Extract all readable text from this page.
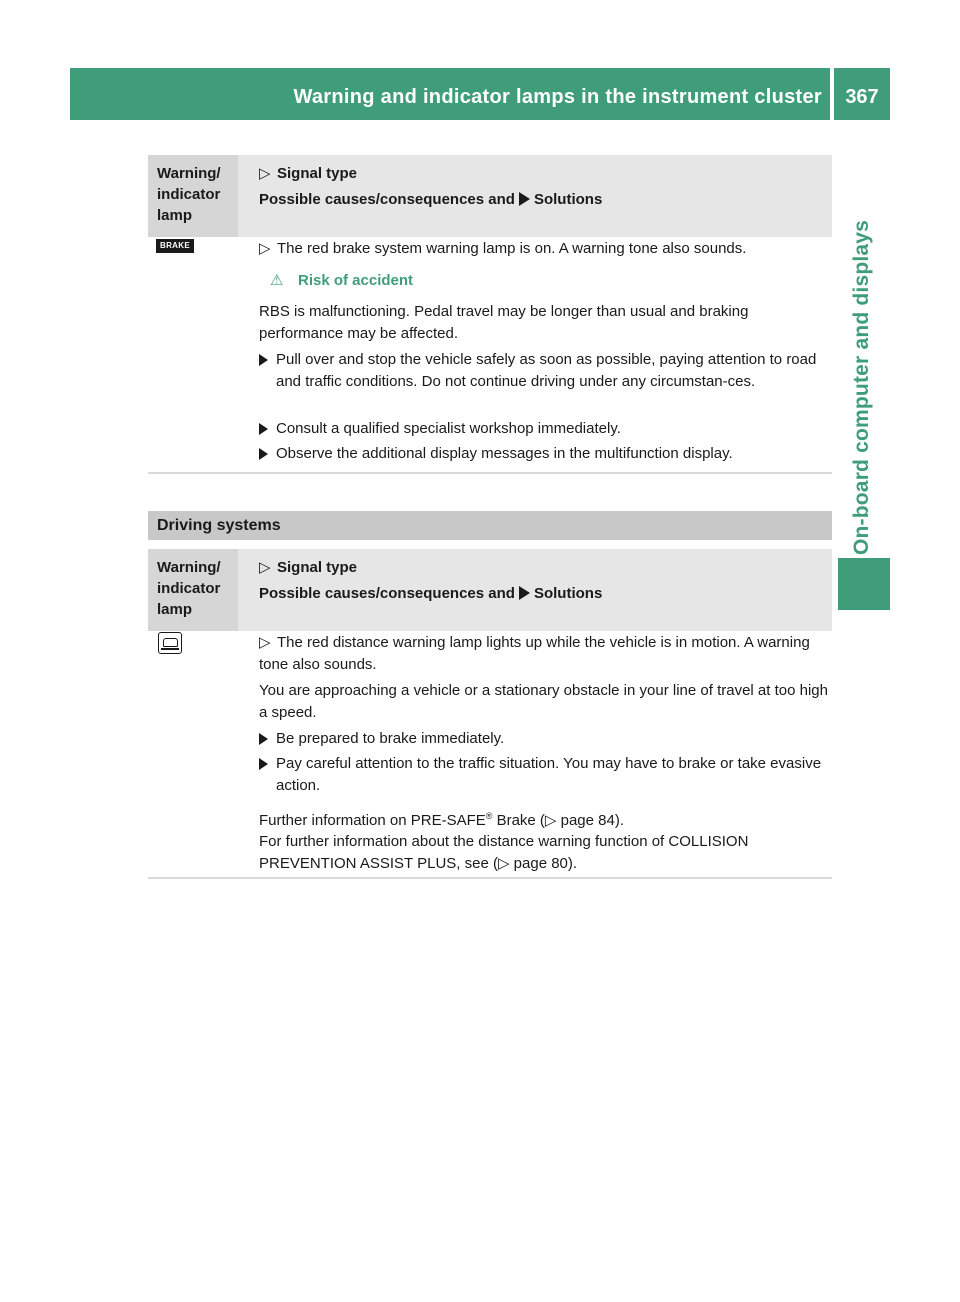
Warning and indicator lamps in the instrument cluster	367
On-board computer and displays
Warning/ indicator lamp
▷ Signal type
Possible causes/consequences and Solutions
BRAKE	▷ The red brake system warning lamp is on. A warning tone also sounds.
⚠ Risk of accident
RBS is malfunctioning. Pedal travel may be longer than usual and braking performance may be affected.
Pull over and stop the vehicle safely as soon as possible, paying attention to road and traffic conditions. Do not continue driving under any circumstan-ces.
Consult a qualified specialist workshop immediately.
Observe the additional display messages in the multifunction display.
Driving systems
Warning/ indicator lamp
▷ Signal type
Possible causes/consequences and Solutions
▷ The red distance warning lamp lights up while the vehicle is in motion. A warning tone also sounds.
You are approaching a vehicle or a stationary obstacle in your line of travel at too high a speed.
Be prepared to brake immediately.
Pay careful attention to the traffic situation. You may have to brake or take evasive action.
Further information on PRE-SAFE® Brake (▷ page 84).
For further information about the distance warning function of COLLISION PREVENTION ASSIST PLUS, see (▷ page 80).
